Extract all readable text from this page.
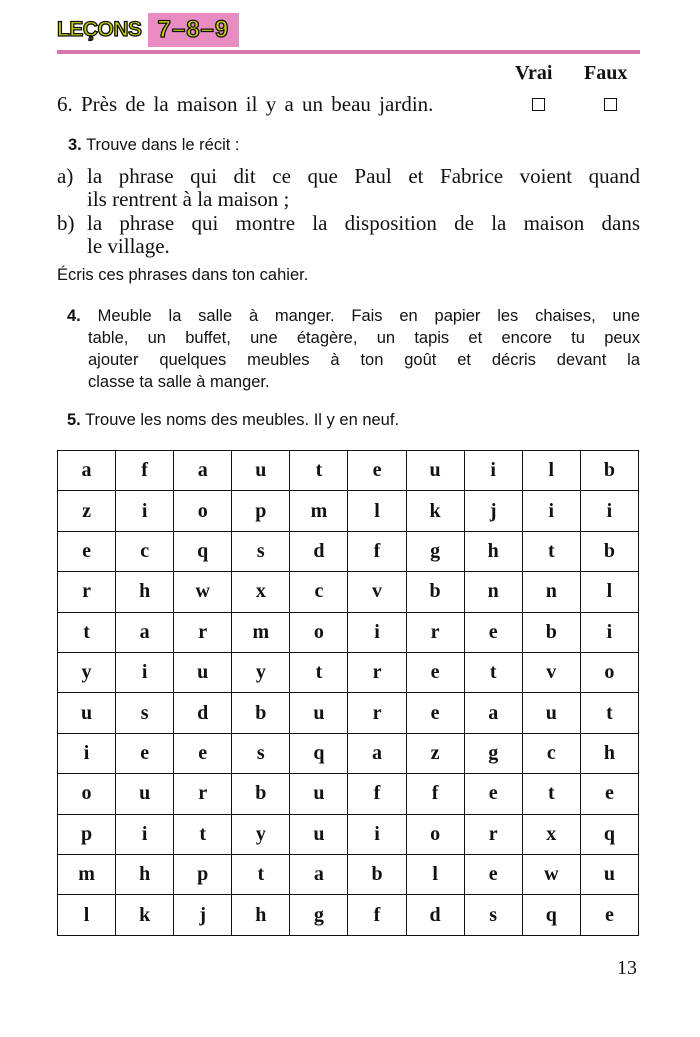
LEÇONS 7–8–9
Vrai Faux
6. Près de la maison il y a un beau jardin.
3. Trouve dans le récit :
a) la phrase qui dit ce que Paul et Fabrice voient quand
ils rentrent à la maison ;
b) la phrase qui montre la disposition de la maison dans
le village.
Écris ces phrases dans ton cahier.
4. Meuble la salle à manger. Fais en papier les chaises, une
table, un buffet, une étagère, un tapis et encore tu peux
ajouter quelques meubles à ton goût et décris devant la
classe ta salle à manger.
5. Trouve les noms des meubles. Il y en neuf.
a	f	a	u	t	e	u	i	l	b
z	i	o	p	m	l	k	j	i	i
e	c	q	s	d	f	g	h	t	b
r	h	w	x	c	v	b	n	n	l
t	a	r	m	o	i	r	e	b	i
y	i	u	y	t	r	e	t	v	o
u	s	d	b	u	r	e	a	u	t
i	e	e	s	q	a	z	g	c	h
o	u	r	b	u	f	f	e	t	e
p	i	t	y	u	i	o	r	x	q
m	h	p	t	a	b	l	e	w	u
l	k	j	h	g	f	d	s	q	e
13
